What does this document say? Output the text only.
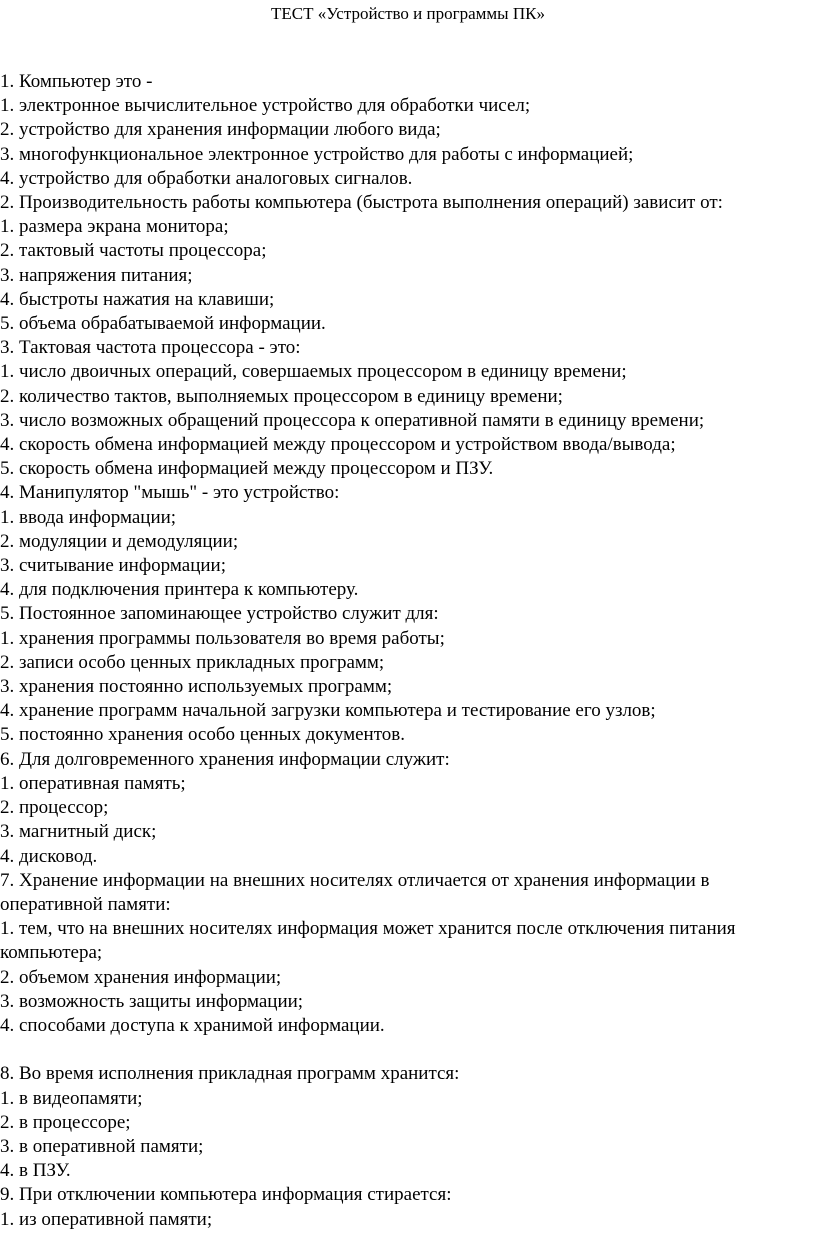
ТЕСТ «Устройство и программы ПК»
1. Компьютер это -
1. электронное вычислительное устройство для обработки чисел;
2. устройство для хранения информации любого вида;
3. многофункциональное электронное устройство для работы с информацией;
4. устройство для обработки аналоговых сигналов.
2. Производительность работы компьютера (быстрота выполнения операций) зависит от:
1. размера экрана монитора;
2. тактовый частоты процессора;
3. напряжения питания;
4. быстроты нажатия на клавиши;
5. объема обрабатываемой информации.
3. Тактовая частота процессора - это:
1. число двоичных операций, совершаемых процессором в единицу времени;
2. количество тактов, выполняемых процессором в единицу времени;
3. число возможных обращений процессора к оперативной памяти в единицу времени;
4. скорость обмена информацией между процессором и устройством ввода/вывода;
5. скорость обмена информацией между процессором и ПЗУ.
4. Манипулятор "мышь" - это устройство:
1. ввода информации;
2. модуляции и демодуляции;
3. считывание информации;
4. для подключения принтера к компьютеру.
5. Постоянное запоминающее устройство служит для:
1. хранения программы пользователя во время работы;
2. записи особо ценных прикладных программ;
3. хранения постоянно используемых программ;
4. хранение программ начальной загрузки компьютера и тестирование его узлов;
5. постоянно хранения особо ценных документов.
6. Для долговременного хранения информации служит:
1. оперативная память;
2. процессор;
3. магнитный диск;
4. дисковод.
7. Хранение информации на внешних носителях отличается от хранения информации в оперативной памяти:
1. тем, что на внешних носителях информация может хранится после отключения питания компьютера;
2. объемом хранения информации;
3. возможность защиты информации;
4. способами доступа к хранимой информации.
8. Во время исполнения прикладная программ хранится:
1. в видеопамяти;
2. в процессоре;
3. в оперативной памяти;
4. в ПЗУ.
9. При отключении компьютера информация стирается:
1. из оперативной памяти;
